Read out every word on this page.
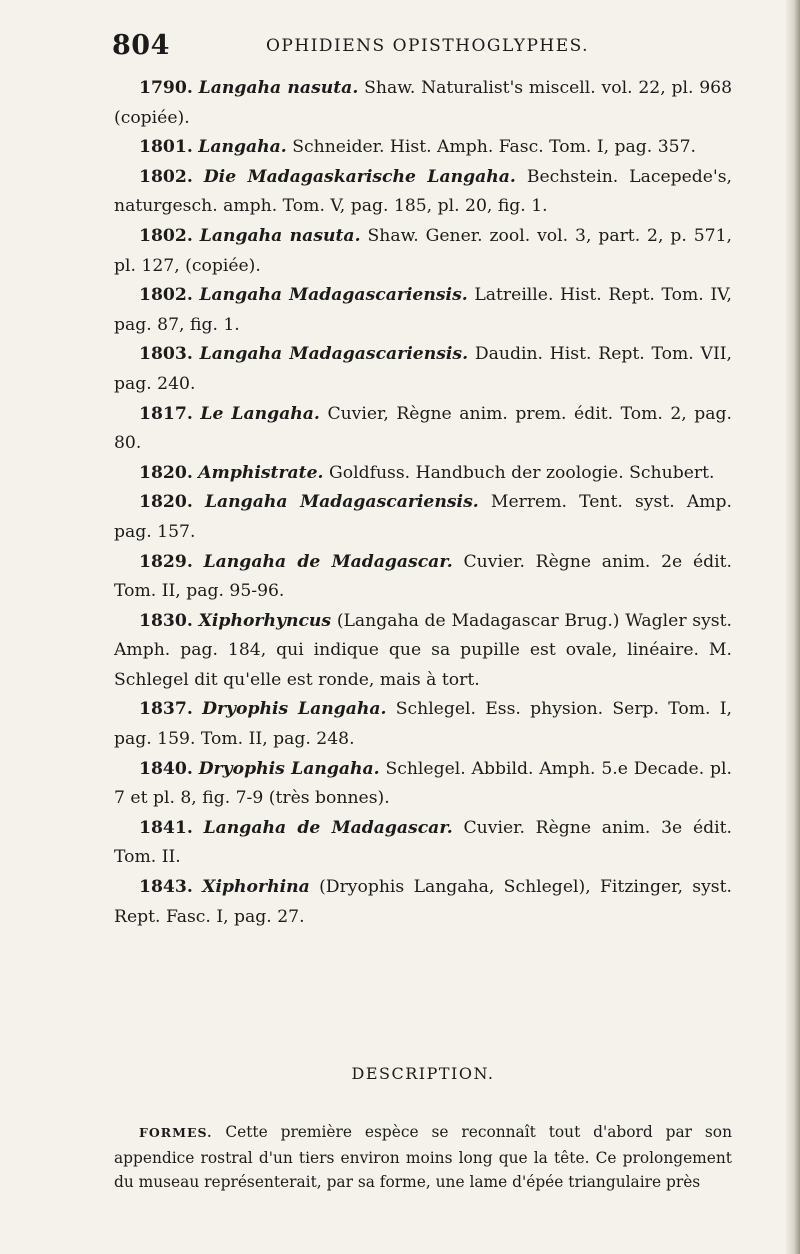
804	OPHIDIENS OPISTHOGLYPHES.

1790. Langaha nasuta. Shaw. Naturalist's miscell. vol. 22, pl. 968 (copiée).

1801. Langaha. Schneider. Hist. Amph. Fasc. Tom. I, pag. 357.

1802. Die Madagaskarische Langaha. Bechstein. Lacepede's, naturgesch. amph. Tom. V, pag. 185, pl. 20, fig. 1.

1802. Langaha nasuta. Shaw. Gener. zool. vol. 3, part. 2, p. 571, pl. 127, (copiée).

1802. Langaha Madagascariensis. Latreille. Hist. Rept. Tom. IV, pag. 87, fig. 1.

1803. Langaha Madagascariensis. Daudin. Hist. Rept. Tom. VII, pag. 240.

1817. Le Langaha. Cuvier, Règne anim. prem. édit. Tom. 2, pag. 80.

1820. Amphistrate. Goldfuss. Handbuch der zoologie. Schubert.

1820. Langaha Madagascariensis. Merrem. Tent. syst. Amp. pag. 157.

1829. Langaha de Madagascar. Cuvier. Règne anim. 2e édit. Tom. II, pag. 95-96.

1830. Xiphorhyncus (Langaha de Madagascar Brug.) Wagler syst. Amph. pag. 184, qui indique que sa pupille est ovale, linéaire. M. Schlegel dit qu'elle est ronde, mais à tort.

1837. Dryophis Langaha. Schlegel. Ess. physion. Serp. Tom. I, pag. 159. Tom. II, pag. 248.

1840. Dryophis Langaha. Schlegel. Abbild. Amph. 5.e Decade. pl. 7 et pl. 8, fig. 7-9 (très bonnes).

1841. Langaha de Madagascar. Cuvier. Règne anim. 3e édit. Tom. II.

1843. Xiphorhina (Dryophis Langaha, Schlegel), Fitzinger, syst. Rept. Fasc. I, pag. 27.

DESCRIPTION.

FORMES. Cette première espèce se reconnaît tout d'abord par son appendice rostral d'un tiers environ moins long que la tête. Ce prolongement du museau représenterait, par sa forme, une lame d'épée triangulaire près
